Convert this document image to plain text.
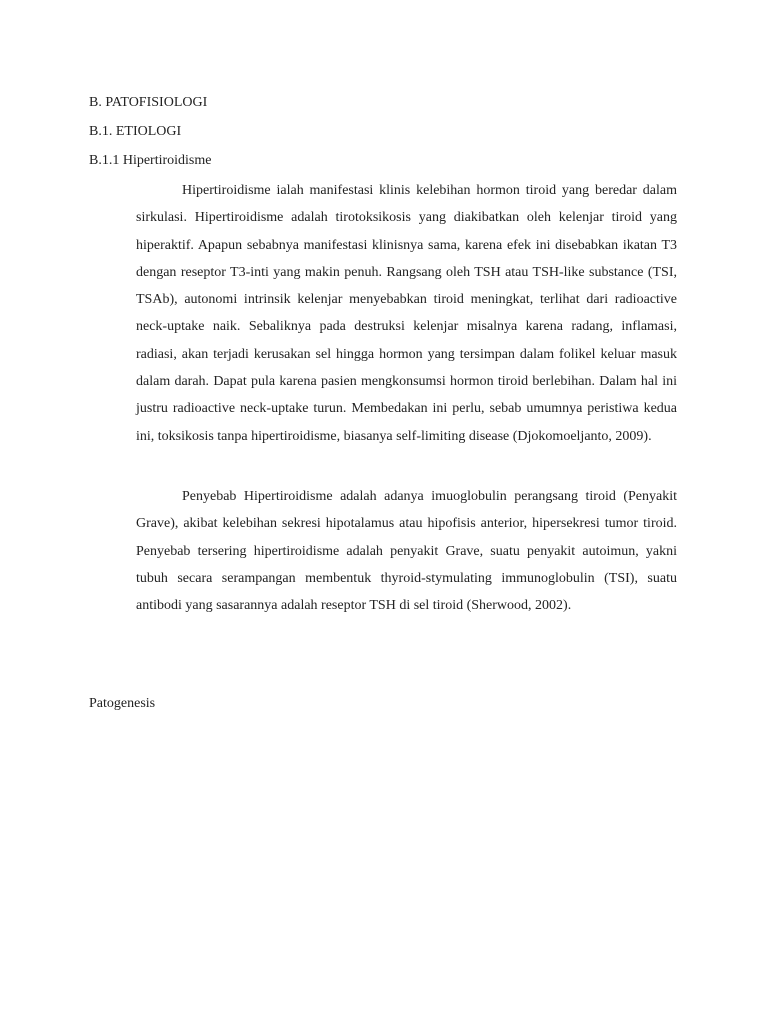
B. PATOFISIOLOGI
B.1. ETIOLOGI
B.1.1 Hipertiroidisme

Hipertiroidisme ialah manifestasi klinis kelebihan hormon tiroid yang beredar dalam sirkulasi. Hipertiroidisme adalah tirotoksikosis yang diakibatkan oleh kelenjar tiroid yang hiperaktif. Apapun sebabnya manifestasi klinisnya sama, karena efek ini disebabkan ikatan T3 dengan reseptor T3-inti yang makin penuh. Rangsang oleh TSH atau TSH-like substance (TSI, TSAb), autonomi intrinsik kelenjar menyebabkan tiroid meningkat, terlihat dari radioactive neck-uptake naik. Sebaliknya pada destruksi kelenjar misalnya karena radang, inflamasi, radiasi, akan terjadi kerusakan sel hingga hormon yang tersimpan dalam folikel keluar masuk dalam darah. Dapat pula karena pasien mengkonsumsi hormon tiroid berlebihan. Dalam hal ini justru radioactive neck-uptake turun. Membedakan ini perlu, sebab umumnya peristiwa kedua ini, toksikosis tanpa hipertiroidisme, biasanya self-limiting disease (Djokomoeljanto, 2009).

Penyebab Hipertiroidisme adalah adanya imuoglobulin perangsang tiroid (Penyakit Grave), akibat kelebihan sekresi hipotalamus atau hipofisis anterior, hipersekresi tumor tiroid. Penyebab tersering hipertiroidisme adalah penyakit Grave, suatu penyakit autoimun, yakni tubuh secara serampangan membentuk thyroid-stymulating immunoglobulin (TSI), suatu antibodi yang sasarannya adalah reseptor TSH di sel tiroid (Sherwood, 2002).

Patogenesis
